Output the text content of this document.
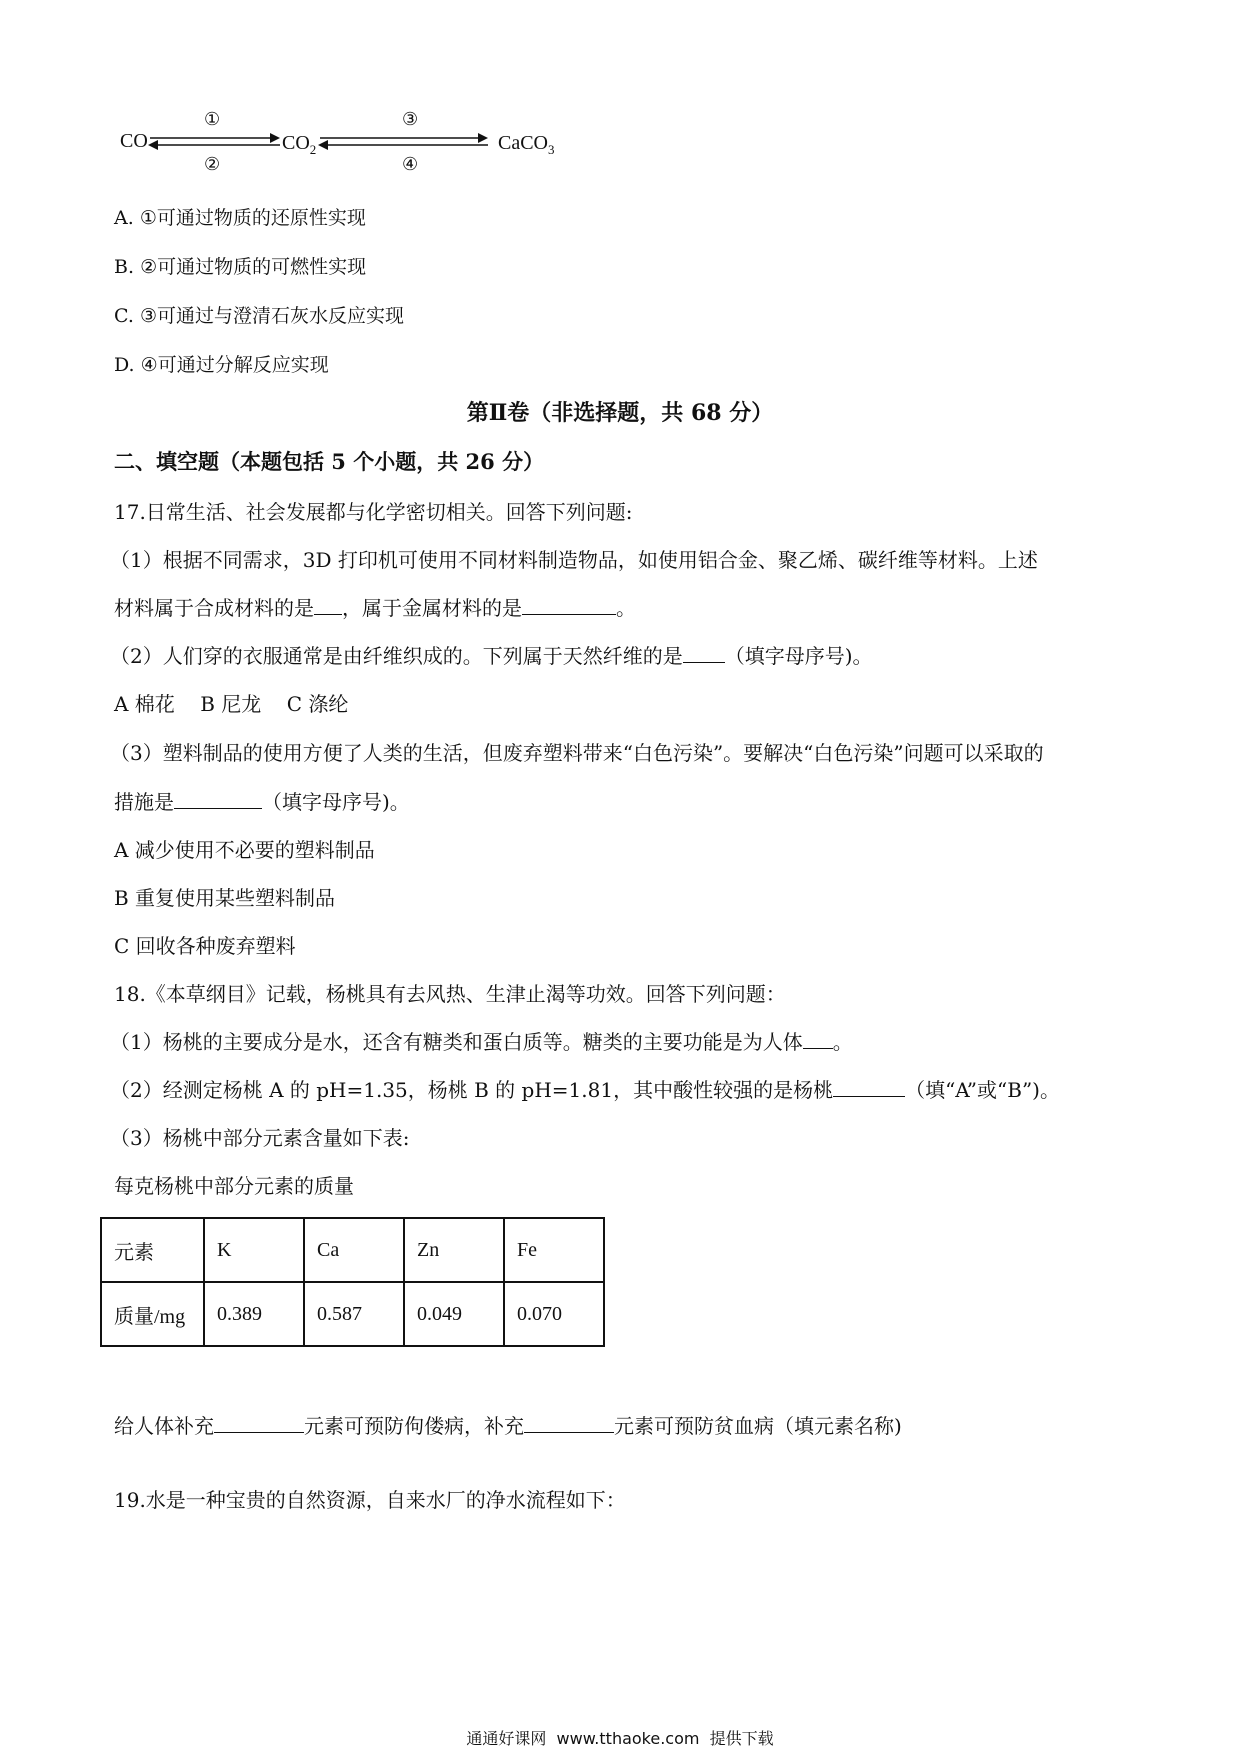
CO	$CO_2$	CaCO$_3$
①
②
③
④
A. ①可通过物质的还原性实现
B. ②可通过物质的可燃性实现
C. ③可通过与澄清石灰水反应实现
D. ④可通过分解反应实现
第Ⅱ卷（非选择题，共 68 分）
二、填空题（本题包括 5 个小题，共 26 分）
17.日常生活、社会发展都与化学密切相关。回答下列问题:
（1）根据不同需求，3D 打印机可使用不同材料制造物品，如使用铝合金、聚乙烯、碳纤维等材料。上述
材料属于合成材料的是 ，属于金属材料的是	。
（2）人们穿的衣服通常是由纤维织成的。下列属于天然纤维的是 （填字母序号)。
A 棉花    B 尼龙    C 涤纶
（3）塑料制品的使用方便了人类的生活，但废弃塑料带来“白色污染”。要解决“白色污染”问题可以采取的
措施是	（填字母序号)。
A 减少使用不必要的塑料制品
B 重复使用某些塑料制品
C 回收各种废弃塑料
18.《本草纲目》记载，杨桃具有去风热、生津止渴等功效。回答下列问题：
（1）杨桃的主要成分是水，还含有糖类和蛋白质等。糖类的主要功能是为人体 。
（2）经测定杨桃 A 的 pH=1.35，杨桃 B 的 pH=1.81，其中酸性较强的是杨桃	（填“A”或“B”)。
（3）杨桃中部分元素含量如下表:
每克杨桃中部分元素的质量
元素	K	Ca	Zn	Fe
质量/mg	0.389	0.587	0.049	0.070
给人体补充	元素可预防佝偻病，补充	元素可预防贫血病（填元素名称)
19.水是一种宝贵的自然资源，自来水厂的净水流程如下：
通通好课网  www.tthaoke.com  提供下载
